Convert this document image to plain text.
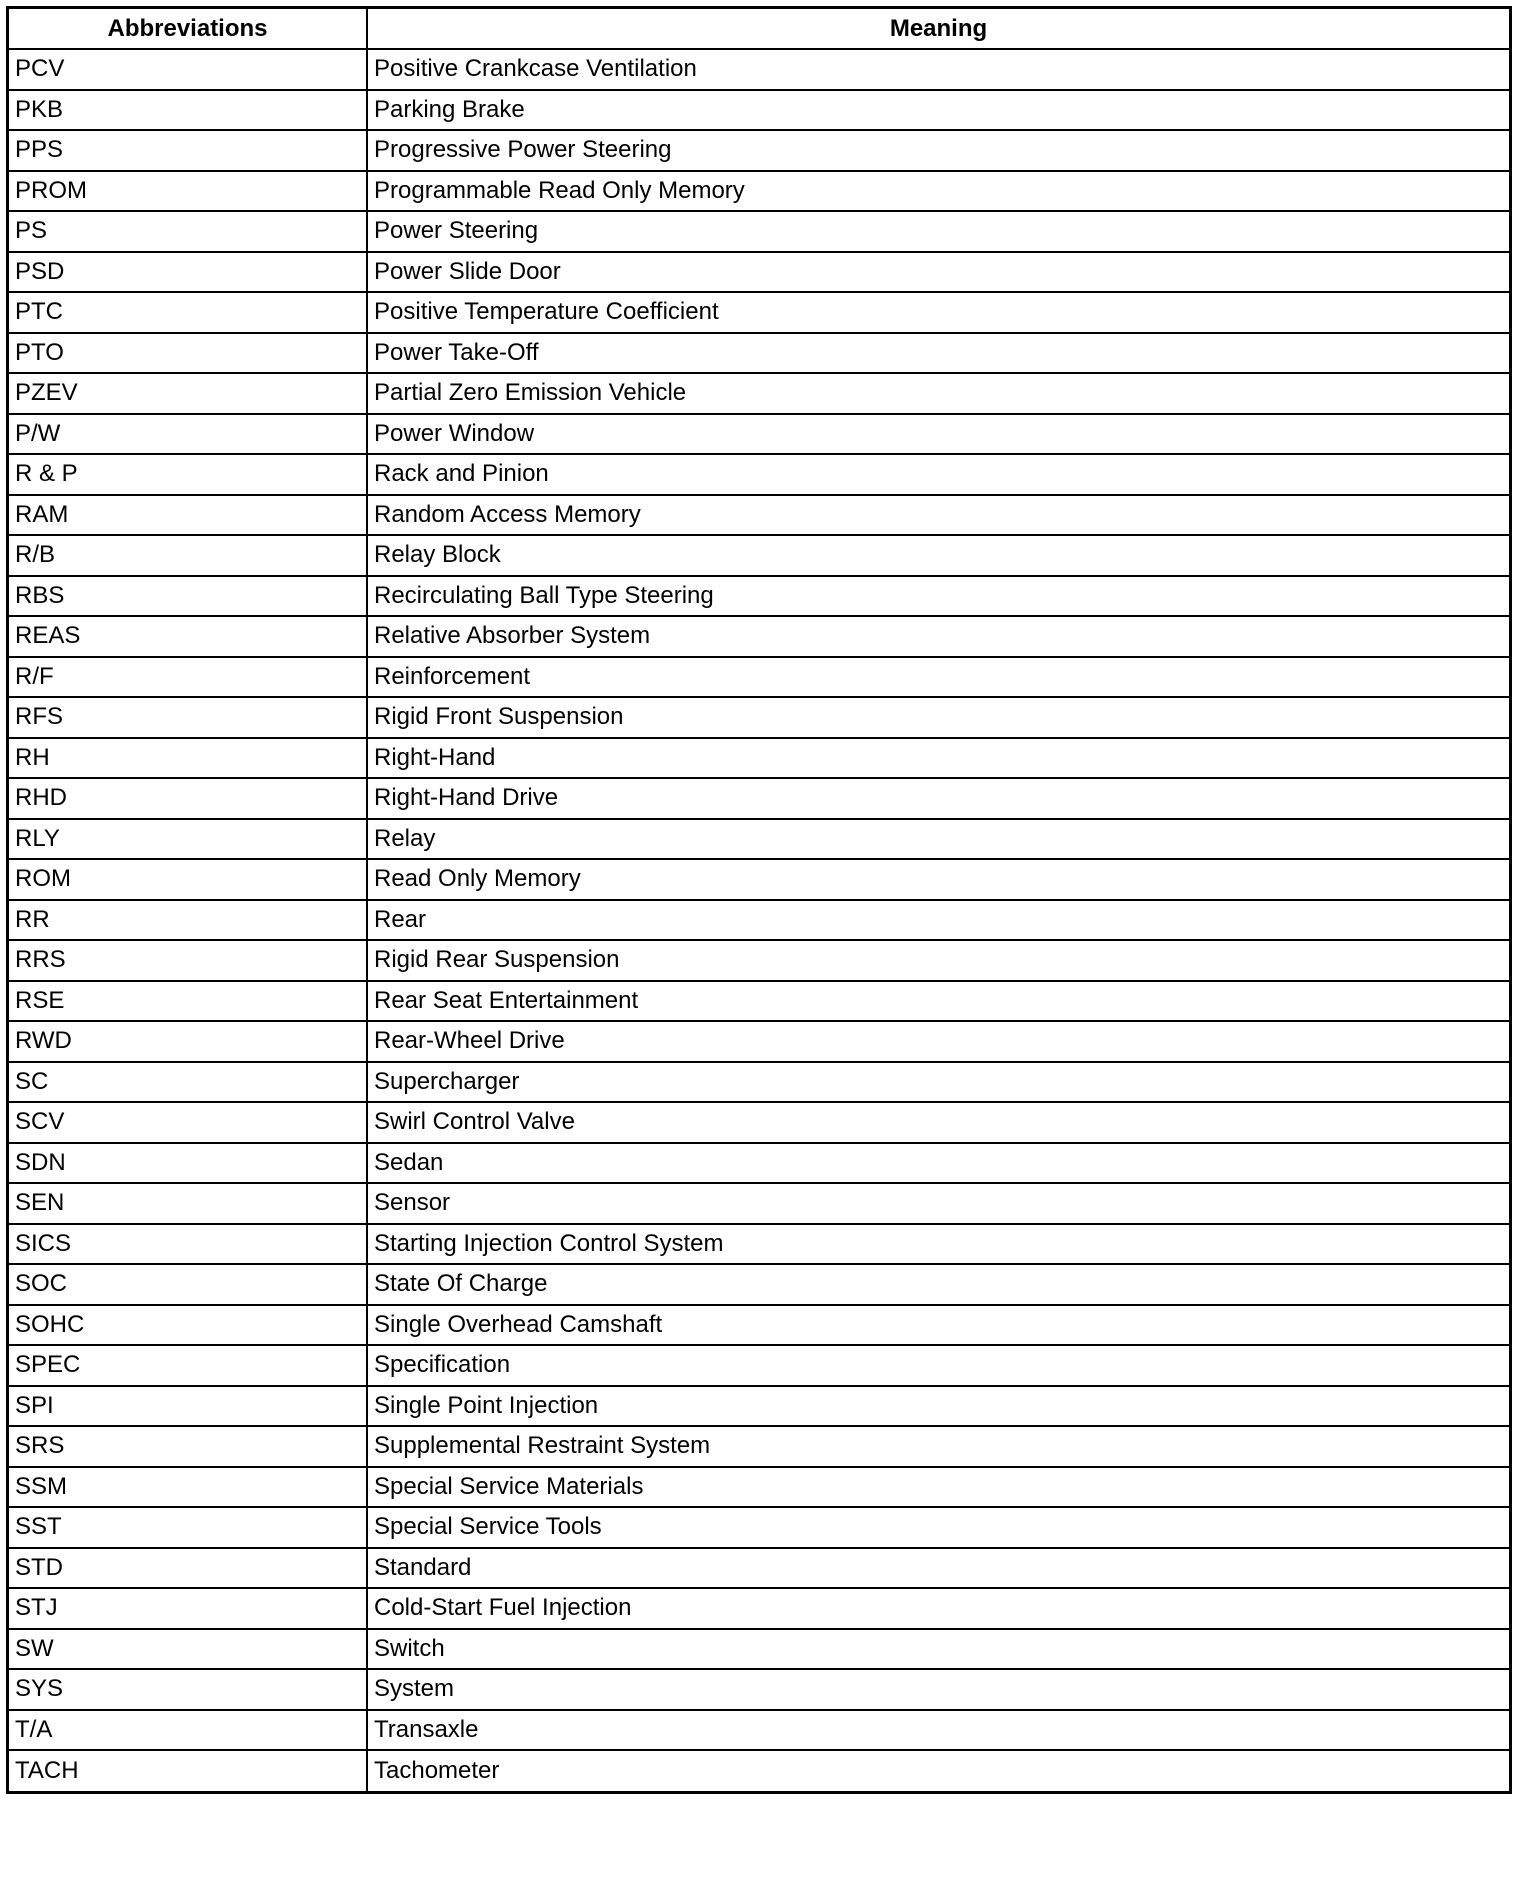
Abbreviations	Meaning
PCV	Positive Crankcase Ventilation
PKB	Parking Brake
PPS	Progressive Power Steering
PROM	Programmable Read Only Memory
PS	Power Steering
PSD	Power Slide Door
PTC	Positive Temperature Coefficient
PTO	Power Take-Off
PZEV	Partial Zero Emission Vehicle
P/W	Power Window
R & P	Rack and Pinion
RAM	Random Access Memory
R/B	Relay Block
RBS	Recirculating Ball Type Steering
REAS	Relative Absorber System
R/F	Reinforcement
RFS	Rigid Front Suspension
RH	Right-Hand
RHD	Right-Hand Drive
RLY	Relay
ROM	Read Only Memory
RR	Rear
RRS	Rigid Rear Suspension
RSE	Rear Seat Entertainment
RWD	Rear-Wheel Drive
SC	Supercharger
SCV	Swirl Control Valve
SDN	Sedan
SEN	Sensor
SICS	Starting Injection Control System
SOC	State Of Charge
SOHC	Single Overhead Camshaft
SPEC	Specification
SPI	Single Point Injection
SRS	Supplemental Restraint System
SSM	Special Service Materials
SST	Special Service Tools
STD	Standard
STJ	Cold-Start Fuel Injection
SW	Switch
SYS	System
T/A	Transaxle
TACH	Tachometer
